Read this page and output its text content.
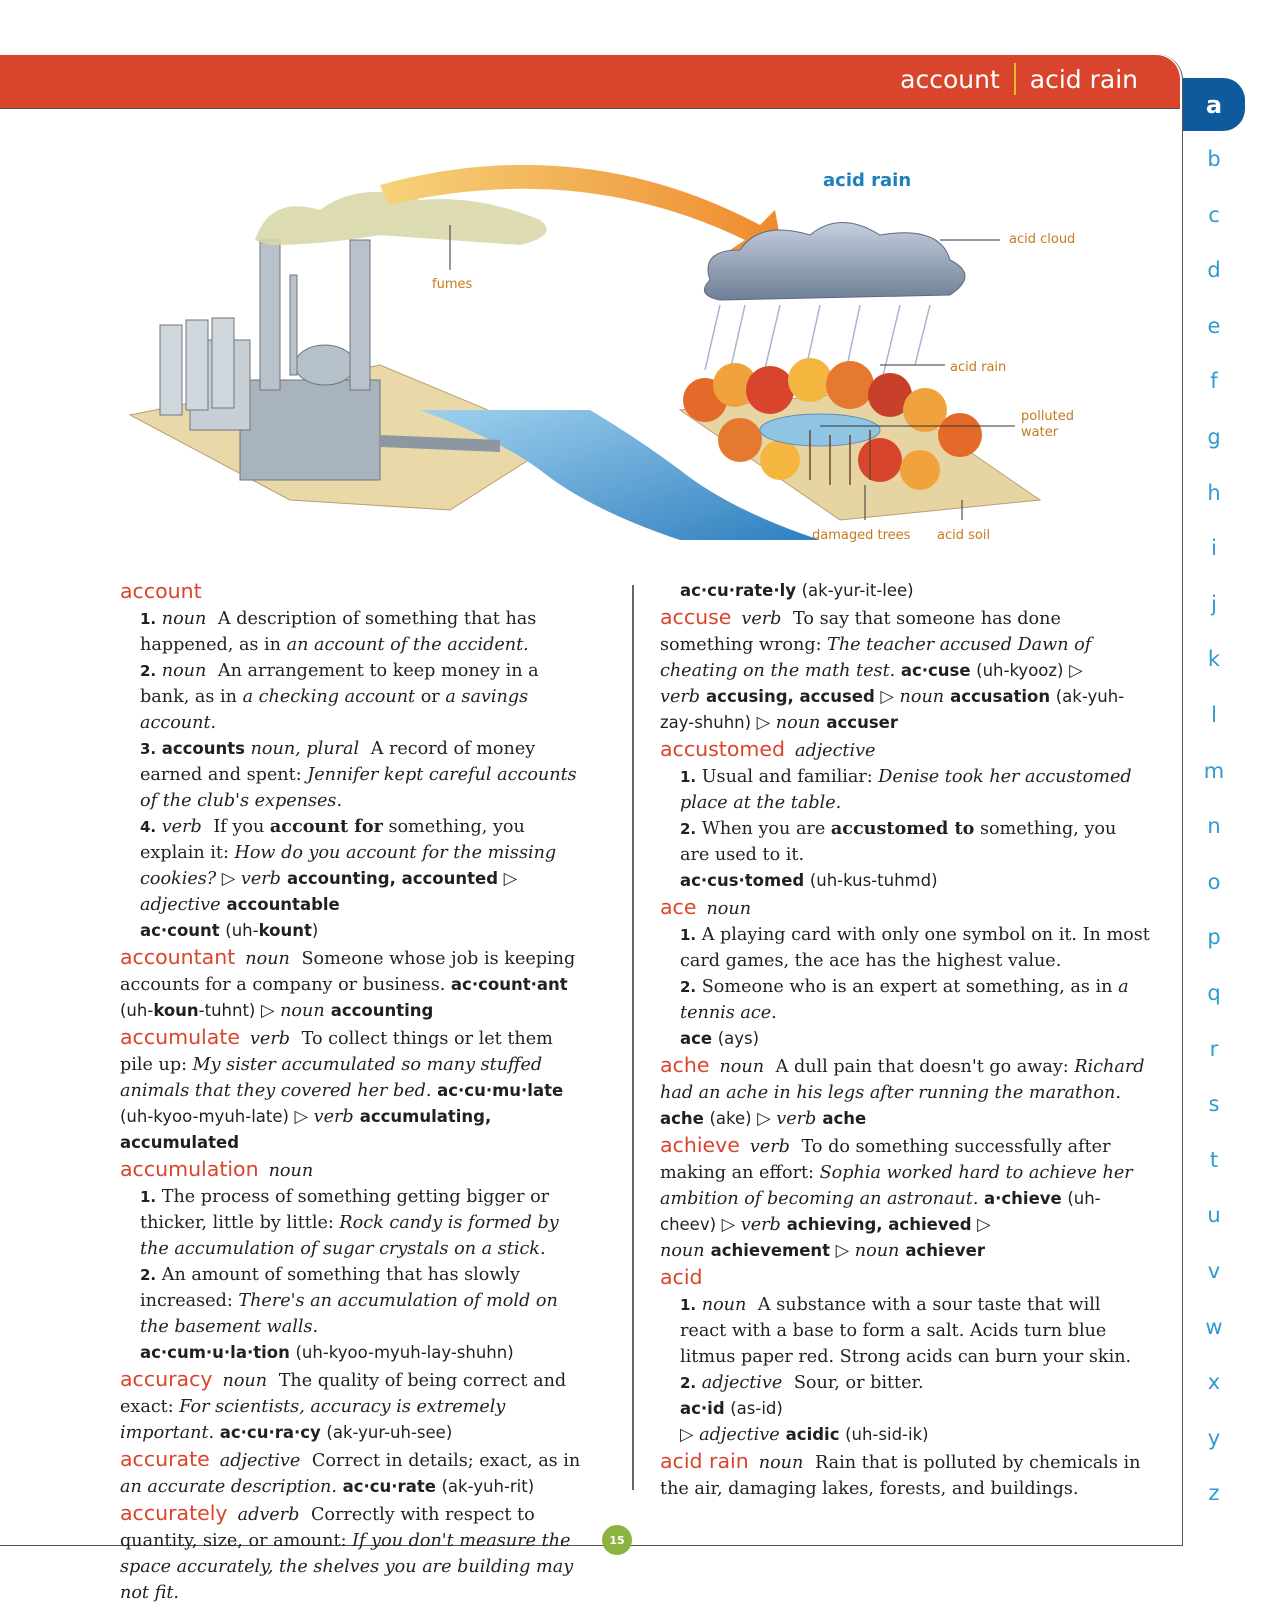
account acid rain
a
acid rain
fumes
acid cloud
acid rain
polluted water
damaged trees acid soil
account
1. noun A description of something that has happened, as in an account of the accident.
2. noun An arrangement to keep money in a bank, as in a checking account or a savings account.
3. accounts noun, plural A record of money earned and spent: Jennifer kept careful accounts of the club's expenses.
4. verb If you account for something, you explain it: How do you account for the missing cookies? ▷ verb accounting, accounted ▷ adjective accountable
ac·count (uh-kount)
accountant noun Someone whose job is keeping accounts for a company or business. ac·count·ant (uh-koun-tuhnt) ▷ noun accounting
accumulate verb To collect things or let them pile up: My sister accumulated so many stuffed animals that they covered her bed. ac·cu·mu·late (uh-kyoo-myuh-late) ▷ verb accumulating, accumulated
accumulation noun
1. The process of something getting bigger or thicker, little by little: Rock candy is formed by the accumulation of sugar crystals on a stick.
2. An amount of something that has slowly increased: There's an accumulation of mold on the basement walls.
ac·cum·u·la·tion (uh-kyoo-myuh-lay-shuhn)
accuracy noun The quality of being correct and exact: For scientists, accuracy is extremely important. ac·cu·ra·cy (ak-yur-uh-see)
accurate adjective Correct in details; exact, as in an accurate description. ac·cu·rate (ak-yuh-rit)
accurately adverb Correctly with respect to quantity, size, or amount: If you don't measure the space accurately, the shelves you are building may not fit.
ac·cu·rate·ly (ak-yur-it-lee)
accuse verb To say that someone has done something wrong: The teacher accused Dawn of cheating on the math test. ac·cuse (uh-kyooz) ▷ verb accusing, accused ▷ noun accusation (ak-yuh-zay-shuhn) ▷ noun accuser
accustomed adjective
1. Usual and familiar: Denise took her accustomed place at the table.
2. When you are accustomed to something, you are used to it.
ac·cus·tomed (uh-kus-tuhmd)
ace noun
1. A playing card with only one symbol on it. In most card games, the ace has the highest value.
2. Someone who is an expert at something, as in a tennis ace.
ace (ays)
ache noun A dull pain that doesn't go away: Richard had an ache in his legs after running the marathon. ache (ake) ▷ verb ache
achieve verb To do something successfully after making an effort: Sophia worked hard to achieve her ambition of becoming an astronaut. a·chieve (uh-cheev) ▷ verb achieving, achieved ▷ noun achievement ▷ noun achiever
acid
1. noun A substance with a sour taste that will react with a base to form a salt. Acids turn blue litmus paper red. Strong acids can burn your skin.
2. adjective Sour, or bitter.
ac·id (as-id)
▷ adjective acidic (uh-sid-ik)
acid rain noun Rain that is polluted by chemicals in the air, damaging lakes, forests, and buildings.
15
b
c
d
e
f
g
h
i
j
k
l
m
n
o
p
q
r
s
t
u
v
w
x
y
z
